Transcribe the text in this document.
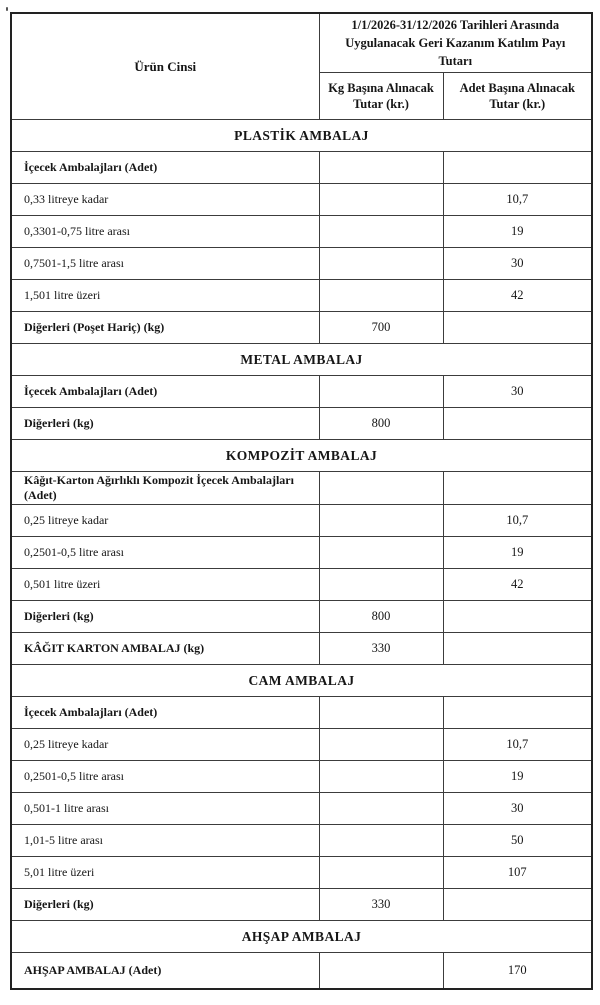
Ürün Cinsi	1/1/2026-31/12/2026 Tarihleri Arasında Uygulanacak Geri Kazanım Katılım Payı Tutarı	
	Kg Başına Alınacak Tutar (kr.)	Adet Başına Alınacak Tutar (kr.)
PLASTİK AMBALAJ		
İçecek Ambalajları (Adet)		
0,33 litreye kadar		10,7
0,3301-0,75 litre arası		19
0,7501-1,5 litre arası		30
1,501 litre üzeri		42
Diğerleri (Poşet Hariç) (kg)	700	
METAL AMBALAJ		
İçecek Ambalajları (Adet)		30
Diğerleri (kg)	800	
KOMPOZİT AMBALAJ		
Kâğıt-Karton Ağırlıklı Kompozit İçecek Ambalajları (Adet)		
0,25 litreye kadar		10,7
0,2501-0,5 litre arası		19
0,501 litre üzeri		42
Diğerleri (kg)	800	
KÂĞIT KARTON AMBALAJ (kg)	330	
CAM AMBALAJ		
İçecek Ambalajları (Adet)		
0,25 litreye kadar		10,7
0,2501-0,5 litre arası		19
0,501-1 litre arası		30
1,01-5 litre arası		50
5,01 litre üzeri		107
Diğerleri (kg)	330	
AHŞAP AMBALAJ		
AHŞAP AMBALAJ (Adet)		170
